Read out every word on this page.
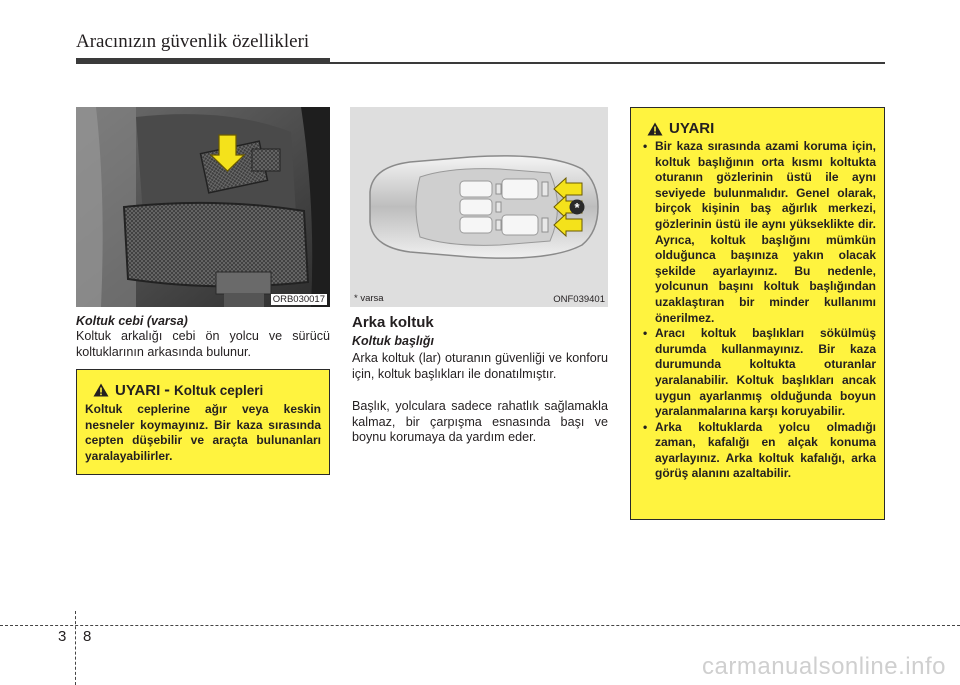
Aracınızın güvenlik özellikleri
ORB030017
*
* varsa	ONF039401
Koltuk cebi (varsa)
Koltuk arkalığı cebi ön yolcu ve sürücü koltuklarının arkasında bulunur.
UYARI - Koltuk cepleri
Koltuk ceplerine ağır veya keskin nesneler koymayınız. Bir kaza sırasında cepten düşebilir ve araçta bulunanları yaralayabilirler.
Arka koltuk
Koltuk başlığı
Arka koltuk (lar) oturanın güvenliği ve konforu için, koltuk başlıkları ile donatılmıştır.
Başlık, yolculara sadece rahatlık sağlamakla kalmaz, bir çarpışma esnasında başı ve boynu korumaya da yardım eder.
UYARI
• Bir kaza sırasında azami koruma için, koltuk başlığının orta kısmı koltukta oturanın gözlerinin üstü ile aynı seviyede bulunmalıdır. Genel olarak, birçok kişinin baş ağırlık merkezi, gözlerinin üstü ile aynı yükseklikte dir. Ayrıca, koltuk başlığını mümkün olduğunca başınıza yakın olacak şekilde ayarlayınız. Bu nedenle, yolcunun başını koltuk başlığından uzaklaştıran bir minder kullanımı önerilmez.
• Aracı koltuk başlıkları sökülmüş durumda kullanmayınız. Bir kaza durumunda koltukta oturanlar yaralanabilir. Koltuk başlıkları ancak uygun ayarlanmış olduğunda boyun yaralanmalarına karşı koruyabilir.
• Arka koltuklarda yolcu olmadığı zaman, kafalığı en alçak konuma ayarlayınız. Arka koltuk kafalığı, arka görüş alanını azaltabilir.
3 8
carmanualsonline.info
